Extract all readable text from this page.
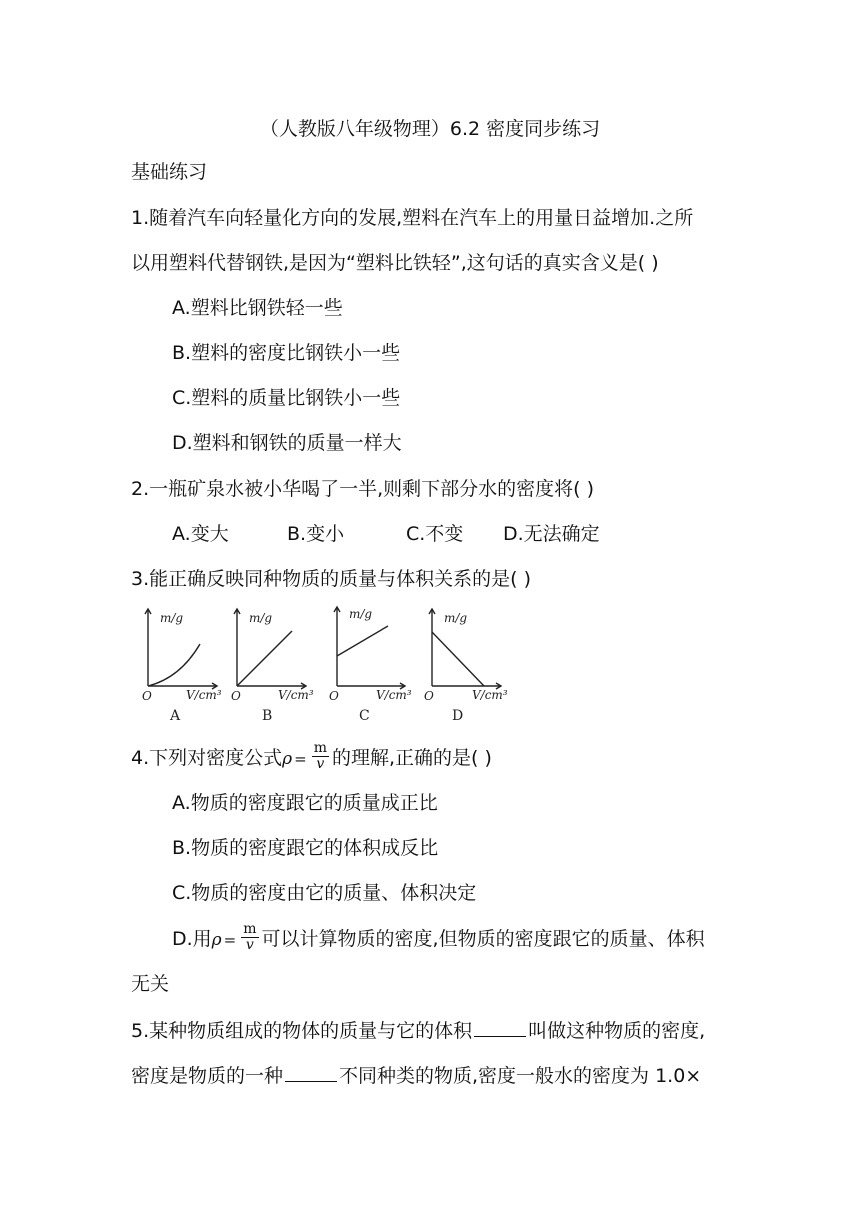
（人教版八年级物理）6.2 密度同步练习
基础练习
1.随着汽车向轻量化方向的发展,塑料在汽车上的用量日益增加.之所
以用塑料代替钢铁,是因为“塑料比铁轻”,这句话的真实含义是( )
A.塑料比钢铁轻一些
B.塑料的密度比钢铁小一些
C.塑料的质量比钢铁小一些
D.塑料和钢铁的质量一样大
2.一瓶矿泉水被小华喝了一半,则剩下部分水的密度将( )
A.变大	B.变小	C.不变 D.无法确定
3.能正确反映同种物质的质量与体积关系的是( )
m/g	m/g	m/g	m/g
O	O	O	O
V/cm³	V/cm³	V/cm³	V/cm³
A	B	C	D
4.下列对密度公式$\rho = \frac{m}{v}$ 的理解,正确的是( )
A.物质的密度跟它的质量成正比
B.物质的密度跟它的体积成反比
C.物质的密度由它的质量、体积决定
D.用$\rho = \frac{m}{v}$ 可以计算物质的密度,但物质的密度跟它的质量、体积
无关
5.某种物质组成的物体的质量与它的体积	叫做这种物质的密度,
密度是物质的一种	不同种类的物质,密度一般水的密度为 1.0×
